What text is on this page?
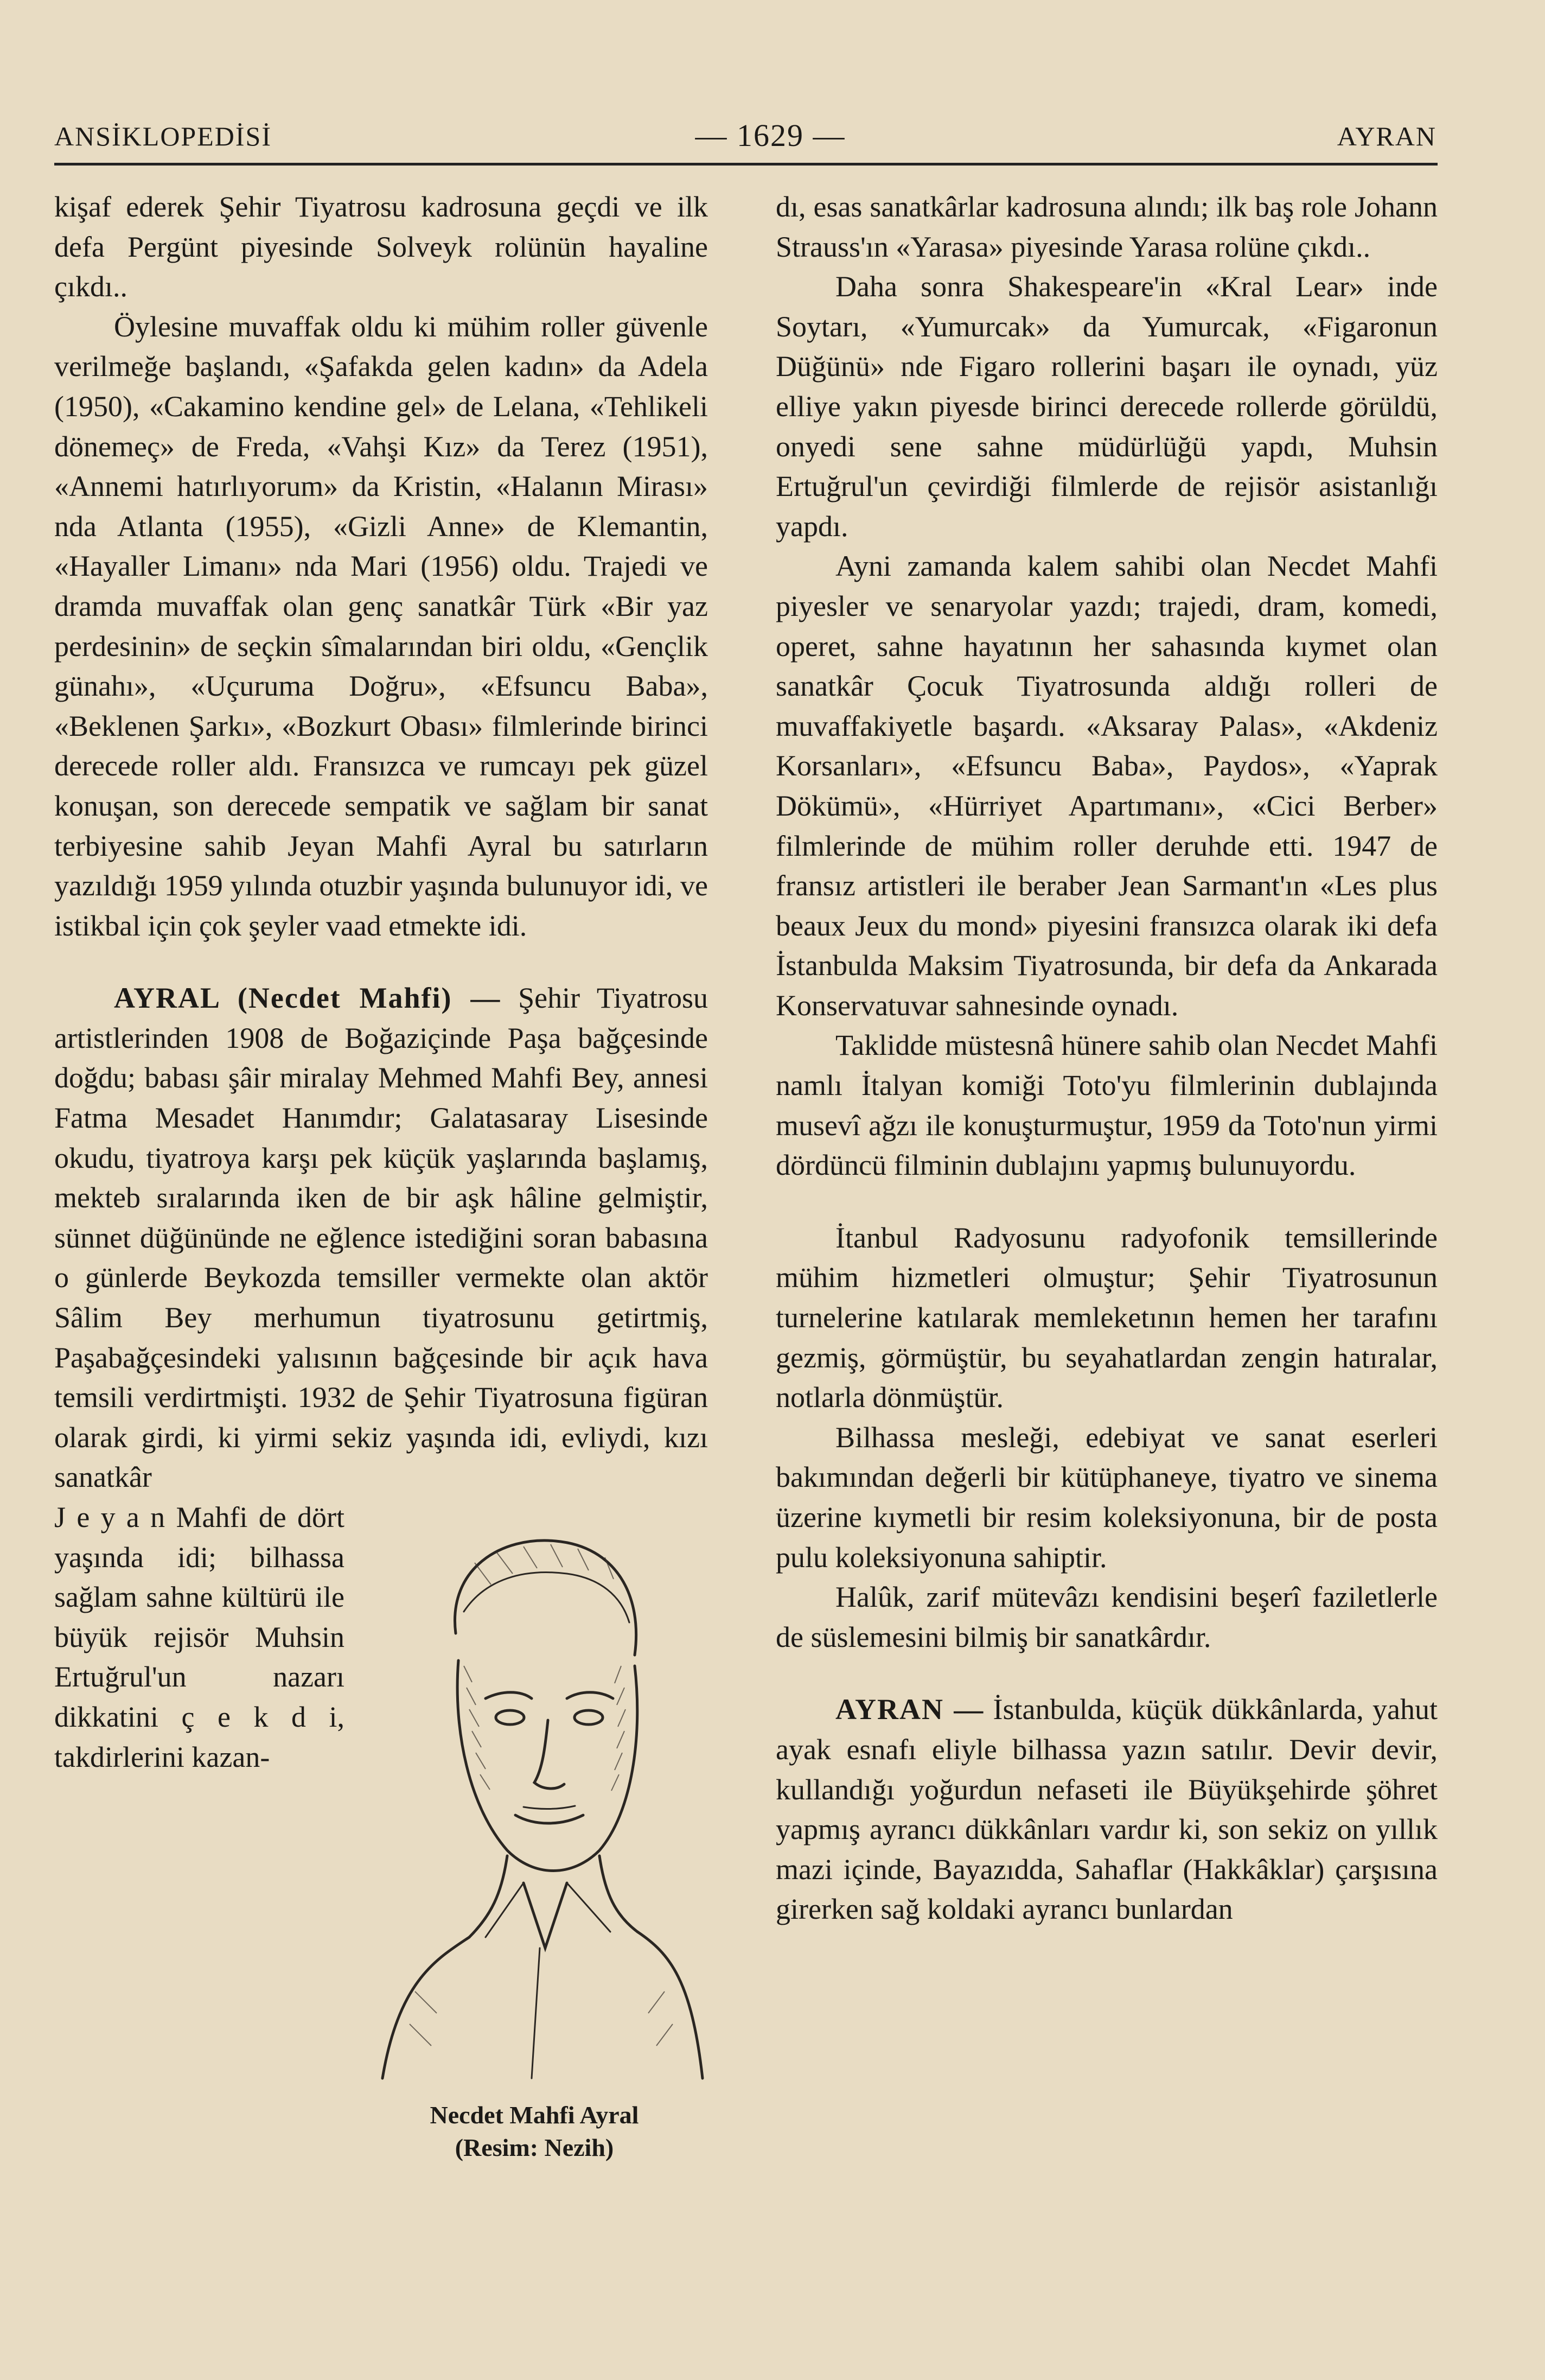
ANSİKLOPEDİSİ	— 1629 —	AYRAN

kişaf ederek Şehir Tiyatrosu kadrosuna geçdi ve ilk defa Pergünt piyesinde Solveyk rolünün hayaline çıkdı..

Öylesine muvaffak oldu ki mühim roller güvenle verilmeğe başlandı, «Şafakda gelen kadın» da Adela (1950), «Cakamino kendine gel» de Lelana, «Tehlikeli dönemeç» de Freda, «Vahşi Kız» da Terez (1951), «Annemi hatırlıyorum» da Kristin, «Halanın Mirası» nda Atlanta (1955), «Gizli Anne» de Klemantin, «Hayaller Limanı» nda Mari (1956) oldu. Trajedi ve dramda muvaffak olan genç sanatkâr Türk «Bir yaz perdesinin» de seçkin sîmalarından biri oldu, «Gençlik günahı», «Uçuruma Doğru», «Efsuncu Baba», «Beklenen Şarkı», «Bozkurt Obası» filmlerinde birinci derecede roller aldı. Fransızca ve rumcayı pek güzel konuşan, son derecede sempatik ve sağlam bir sanat terbiyesine sahib Jeyan Mahfi Ayral bu satırların yazıldığı 1959 yılında otuzbir yaşında bulunuyor idi, ve istikbal için çok şeyler vaad etmekte idi.

AYRAL (Necdet Mahfi) — Şehir Tiyatrosu artistlerinden 1908 de Boğaziçinde Paşa bağçesinde doğdu; babası şâir miralay Mehmed Mahfi Bey, annesi Fatma Mesadet Hanımdır; Galatasaray Lisesinde okudu, tiyatroya karşı pek küçük yaşlarında başlamış, mekteb sıralarında iken de bir aşk hâline gelmiştir, sünnet düğününde ne eğlence istediğini soran babasına o günlerde Beykozda temsiller vermekte olan aktör Sâlim Bey merhumun tiyatrosunu getirtmiş, Paşabağçesindeki yalısının bağçesinde bir açık hava temsili verdirtmişti. 1932 de Şehir Tiyatrosuna figüran olarak girdi, ki yirmi sekiz yaşında idi, evliydi, kızı sanatkâr

Necdet Mahfi Ayral
(Resim: Nezih)

J e y a n Mahfi de dört yaşında idi; bilhassa sağlam sahne kültürü ile büyük rejisör Muhsin Ertuğrul'un nazarı dikkatini ç e k d i, takdirlerini kazan-

dı, esas sanatkârlar kadrosuna alındı; ilk baş role Johann Strauss'ın «Yarasa» piyesinde Yarasa rolüne çıkdı..

Daha sonra Shakespeare'in «Kral Lear» inde Soytarı, «Yumurcak» da Yumurcak, «Figaronun Düğünü» nde Figaro rollerini başarı ile oynadı, yüz elliye yakın piyesde birinci derecede rollerde görüldü, onyedi sene sahne müdürlüğü yapdı, Muhsin Ertuğrul'un çevirdiği filmlerde de rejisör asistanlığı yapdı.

Ayni zamanda kalem sahibi olan Necdet Mahfi piyesler ve senaryolar yazdı; trajedi, dram, komedi, operet, sahne hayatının her sahasında kıymet olan sanatkâr Çocuk Tiyatrosunda aldığı rolleri de muvaffakiyetle başardı. «Aksaray Palas», «Akdeniz Korsanları», «Efsuncu Baba», Paydos», «Yaprak Dökümü», «Hürriyet Apartımanı», «Cici Berber» filmlerinde de mühim roller deruhde etti. 1947 de fransız artistleri ile beraber Jean Sarmant'ın «Les plus beaux Jeux du mond» piyesini fransızca olarak iki defa İstanbulda Maksim Tiyatrosunda, bir defa da Ankarada Konservatuvar sahnesinde oynadı.

Taklidde müstesnâ hünere sahib olan Necdet Mahfi namlı İtalyan komiği Toto'yu filmlerinin dublajında musevî ağzı ile konuşturmuştur, 1959 da Toto'nun yirmi dördüncü filminin dublajını yapmış bulunuyordu.

İtanbul Radyosunu radyofonik temsillerinde mühim hizmetleri olmuştur; Şehir Tiyatrosunun turnelerine katılarak memleketının hemen her tarafını gezmiş, görmüştür, bu seyahatlardan zengin hatıralar, notlarla dönmüştür.

Bilhassa mesleği, edebiyat ve sanat eserleri bakımından değerli bir kütüphaneye, tiyatro ve sinema üzerine kıymetli bir resim koleksiyonuna, bir de posta pulu koleksiyonuna sahiptir.

Halûk, zarif mütevâzı kendisini beşerî faziletlerle de süslemesini bilmiş bir sanatkârdır.

AYRAN — İstanbulda, küçük dükkânlarda, yahut ayak esnafı eliyle bilhassa yazın satılır. Devir devir, kullandığı yoğurdun nefaseti ile Büyükşehirde şöhret yapmış ayrancı dükkânları vardır ki, son sekiz on yıllık mazi içinde, Bayazıdda, Sahaflar (Hakkâklar) çarşısına girerken sağ koldaki ayrancı bunlardan
